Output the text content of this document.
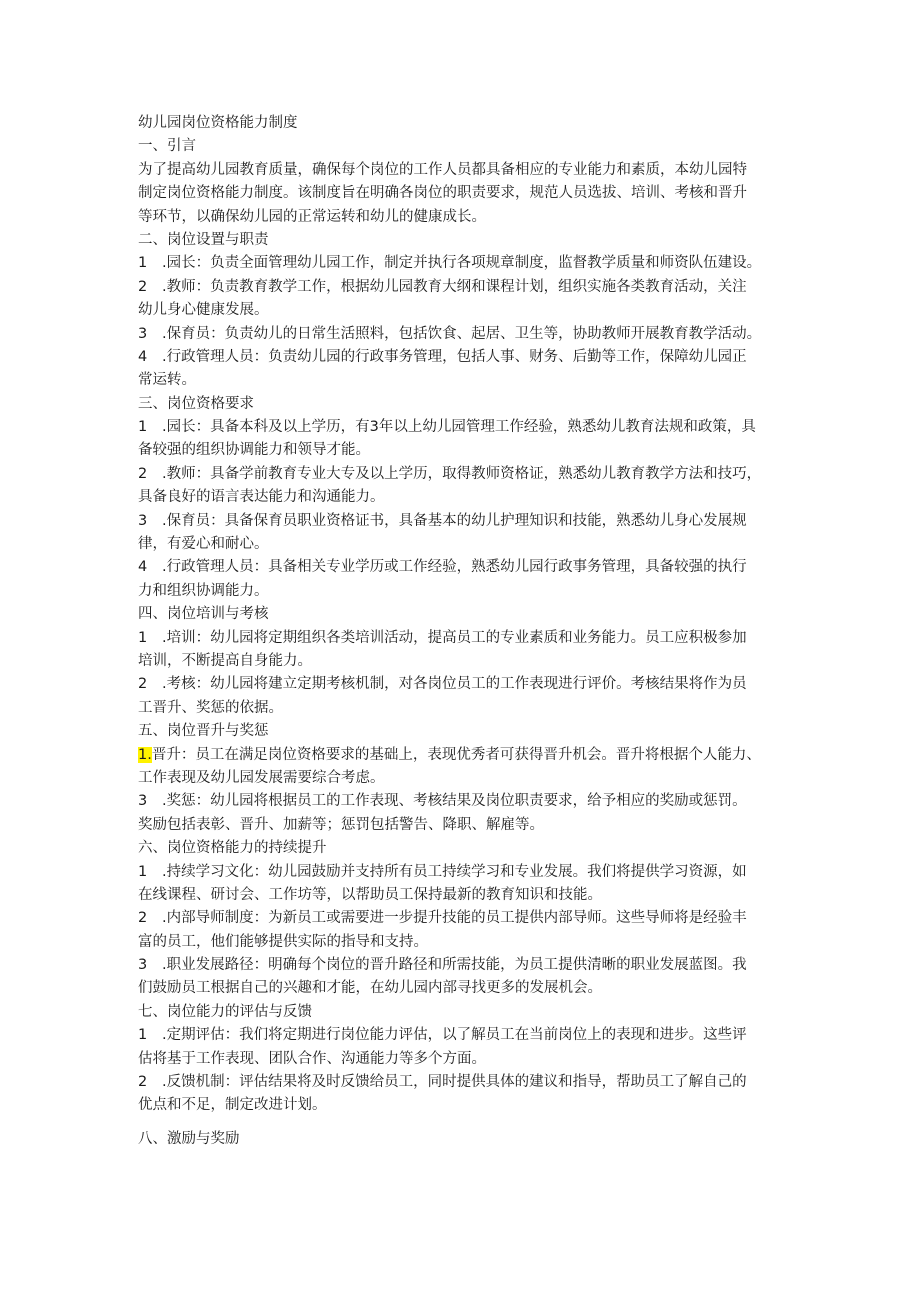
幼儿园岗位资格能力制度
一、引言
为了提高幼儿园教育质量，确保每个岗位的工作人员都具备相应的专业能力和素质，本幼儿园特
制定岗位资格能力制度。该制度旨在明确各岗位的职责要求，规范人员选拔、培训、考核和晋升
等环节，以确保幼儿园的正常运转和幼儿的健康成长。
二、岗位设置与职责
1 .园长：负责全面管理幼儿园工作，制定并执行各项规章制度，监督教学质量和师资队伍建设。
2 .教师：负责教育教学工作，根据幼儿园教育大纲和课程计划，组织实施各类教育活动，关注
幼儿身心健康发展。
3 .保育员：负责幼儿的日常生活照料，包括饮食、起居、卫生等，协助教师开展教育教学活动。
4 .行政管理人员：负责幼儿园的行政事务管理，包括人事、财务、后勤等工作，保障幼儿园正
常运转。
三、岗位资格要求
1 .园长：具备本科及以上学历，有3年以上幼儿园管理工作经验，熟悉幼儿教育法规和政策，具
备较强的组织协调能力和领导才能。
2 .教师：具备学前教育专业大专及以上学历，取得教师资格证，熟悉幼儿教育教学方法和技巧，
具备良好的语言表达能力和沟通能力。
3 .保育员：具备保育员职业资格证书，具备基本的幼儿护理知识和技能，熟悉幼儿身心发展规
律，有爱心和耐心。
4 .行政管理人员：具备相关专业学历或工作经验，熟悉幼儿园行政事务管理，具备较强的执行
力和组织协调能力。
四、岗位培训与考核
1 .培训：幼儿园将定期组织各类培训活动，提高员工的专业素质和业务能力。员工应积极参加
培训，不断提高自身能力。
2 .考核：幼儿园将建立定期考核机制，对各岗位员工的工作表现进行评价。考核结果将作为员
工晋升、奖惩的依据。
五、岗位晋升与奖惩
1.晋升：员工在满足岗位资格要求的基础上，表现优秀者可获得晋升机会。晋升将根据个人能力、
工作表现及幼儿园发展需要综合考虑。
3 .奖惩：幼儿园将根据员工的工作表现、考核结果及岗位职责要求，给予相应的奖励或惩罚。
奖励包括表彰、晋升、加薪等；惩罚包括警告、降职、解雇等。
六、岗位资格能力的持续提升
1 .持续学习文化：幼儿园鼓励并支持所有员工持续学习和专业发展。我们将提供学习资源，如
在线课程、研讨会、工作坊等，以帮助员工保持最新的教育知识和技能。
2 .内部导师制度：为新员工或需要进一步提升技能的员工提供内部导师。这些导师将是经验丰
富的员工，他们能够提供实际的指导和支持。
3 .职业发展路径：明确每个岗位的晋升路径和所需技能，为员工提供清晰的职业发展蓝图。我
们鼓励员工根据自己的兴趣和才能，在幼儿园内部寻找更多的发展机会。
七、岗位能力的评估与反馈
1 .定期评估：我们将定期进行岗位能力评估，以了解员工在当前岗位上的表现和进步。这些评
估将基于工作表现、团队合作、沟通能力等多个方面。
2 .反馈机制：评估结果将及时反馈给员工，同时提供具体的建议和指导，帮助员工了解自己的
优点和不足，制定改进计划。
八、激励与奖励
